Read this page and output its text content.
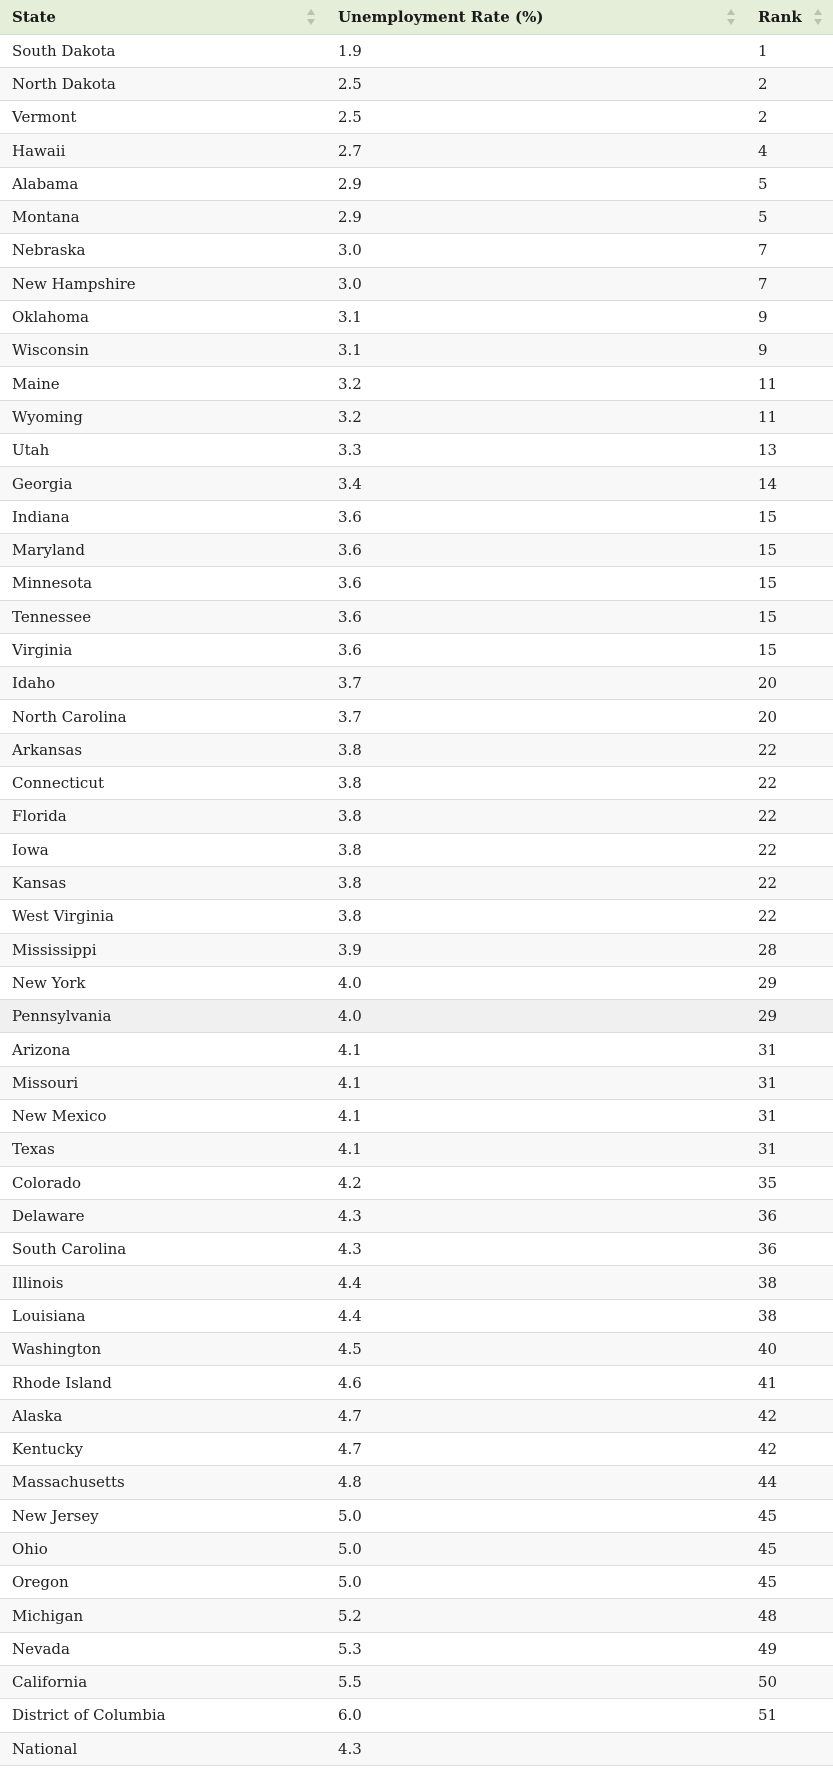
State	Unemployment Rate (%)	Rank

South Dakota	1.9	1
North Dakota	2.5	2
Vermont	2.5	2
Hawaii	2.7	4
Alabama	2.9	5
Montana	2.9	5
Nebraska	3.0	7
New Hampshire	3.0	7
Oklahoma	3.1	9
Wisconsin	3.1	9
Maine	3.2	11
Wyoming	3.2	11
Utah	3.3	13
Georgia	3.4	14
Indiana	3.6	15
Maryland	3.6	15
Minnesota	3.6	15
Tennessee	3.6	15
Virginia	3.6	15
Idaho	3.7	20
North Carolina	3.7	20
Arkansas	3.8	22
Connecticut	3.8	22
Florida	3.8	22
Iowa	3.8	22
Kansas	3.8	22
West Virginia	3.8	22
Mississippi	3.9	28
New York	4.0	29
Pennsylvania	4.0	29
Arizona	4.1	31
Missouri	4.1	31
New Mexico	4.1	31
Texas	4.1	31
Colorado	4.2	35
Delaware	4.3	36
South Carolina	4.3	36
Illinois	4.4	38
Louisiana	4.4	38
Washington	4.5	40
Rhode Island	4.6	41
Alaska	4.7	42
Kentucky	4.7	42
Massachusetts	4.8	44
New Jersey	5.0	45
Ohio	5.0	45
Oregon	5.0	45
Michigan	5.2	48
Nevada	5.3	49
California	5.5	50
District of Columbia	6.0	51
National	4.3	
